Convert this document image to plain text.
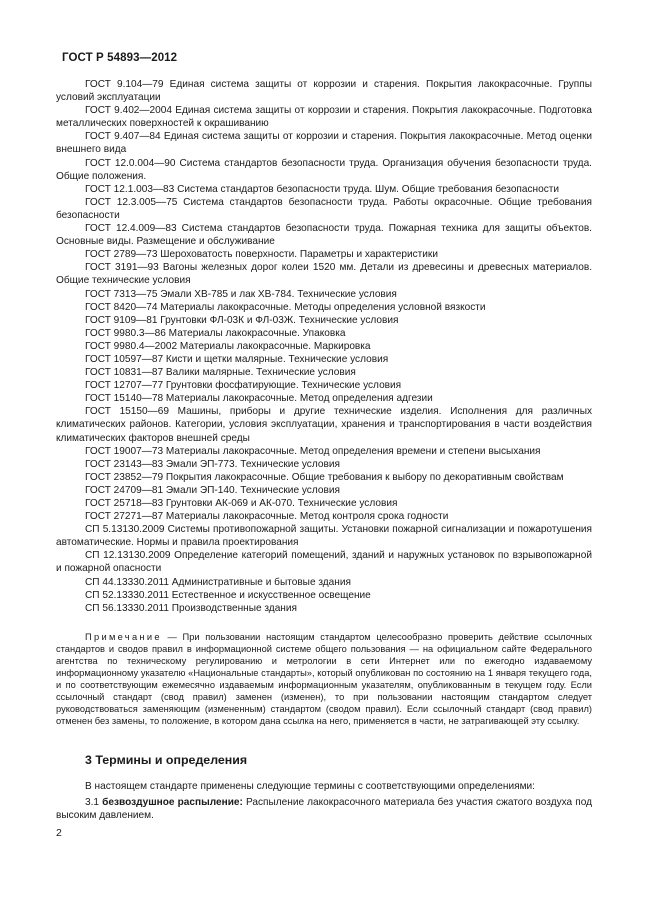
ГОСТ Р 54893—2012

ГОСТ 9.104—79 Единая система защиты от коррозии и старения. Покрытия лакокрасочные. Группы условий эксплуатации

ГОСТ 9.402—2004 Единая система защиты от коррозии и старения. Покрытия лакокрасочные. Подготовка металлических поверхностей к окрашиванию

ГОСТ 9.407—84 Единая система защиты от коррозии и старения. Покрытия лакокрасочные. Метод оценки внешнего вида

ГОСТ 12.0.004—90 Система стандартов безопасности труда. Организация обучения безопасности труда. Общие положения.

ГОСТ 12.1.003—83 Система стандартов безопасности труда. Шум. Общие требования безопасности

ГОСТ 12.3.005—75 Система стандартов безопасности труда. Работы окрасочные. Общие требования безопасности

ГОСТ 12.4.009—83 Система стандартов безопасности труда. Пожарная техника для защиты объектов. Основные виды. Размещение и обслуживание

ГОСТ 2789—73 Шероховатость поверхности. Параметры и характеристики

ГОСТ 3191—93 Вагоны железных дорог колеи 1520 мм. Детали из древесины и древесных материалов. Общие технические условия

ГОСТ 7313—75 Эмали ХВ-785 и лак ХВ-784. Технические условия

ГОСТ 8420—74 Материалы лакокрасочные. Методы определения условной вязкости

ГОСТ 9109—81 Грунтовки ФЛ-03К и ФЛ-03Ж. Технические условия

ГОСТ 9980.3—86 Материалы лакокрасочные. Упаковка

ГОСТ 9980.4—2002 Материалы лакокрасочные. Маркировка

ГОСТ 10597—87 Кисти и щетки малярные. Технические условия

ГОСТ 10831—87 Валики малярные. Технические условия

ГОСТ 12707—77 Грунтовки фосфатирующие. Технические условия

ГОСТ 15140—78 Материалы лакокрасочные. Метод определения адгезии

ГОСТ 15150—69 Машины, приборы и другие технические изделия. Исполнения для различных климатических районов. Категории, условия эксплуатации, хранения и транспортирования в части воздействия климатических факторов внешней среды

ГОСТ 19007—73 Материалы лакокрасочные. Метод определения времени и степени высыхания

ГОСТ 23143—83 Эмали ЭП-773. Технические условия

ГОСТ 23852—79 Покрытия лакокрасочные. Общие требования к выбору по декоративным свойствам

ГОСТ 24709—81 Эмали ЭП-140. Технические условия

ГОСТ 25718—83 Грунтовки АК-069 и АК-070. Технические условия

ГОСТ 27271—87 Материалы лакокрасочные. Метод контроля срока годности

СП 5.13130.2009 Системы противопожарной защиты. Установки пожарной сигнализации и пожаротушения автоматические. Нормы и правила проектирования

СП 12.13130.2009 Определение категорий помещений, зданий и наружных установок по взрывопожарной и пожарной опасности

СП 44.13330.2011 Административные и бытовые здания

СП 52.13330.2011 Естественное и искусственное освещение

СП 56.13330.2011 Производственные здания

Примечание — При пользовании настоящим стандартом целесообразно проверить действие ссылочных стандартов и сводов правил в информационной системе общего пользования — на официальном сайте Федерального агентства по техническому регулированию и метрологии в сети Интернет или по ежегодно издаваемому информационному указателю «Национальные стандарты», который опубликован по состоянию на 1 января текущего года, и по соответствующим ежемесячно издаваемым информационным указателям, опубликованным в текущем году. Если ссылочный стандарт (свод правил) заменен (изменен), то при пользовании настоящим стандартом следует руководствоваться заменяющим (измененным) стандартом (сводом правил). Если ссылочный стандарт (свод правил) отменен без замены, то положение, в котором дана ссылка на него, применяется в части, не затрагивающей эту ссылку.

3 Термины и определения

В настоящем стандарте применены следующие термины с соответствующими определениями:

3.1 безвоздушное распыление: Распыление лакокрасочного материала без участия сжатого воздуха под высоким давлением.

2
